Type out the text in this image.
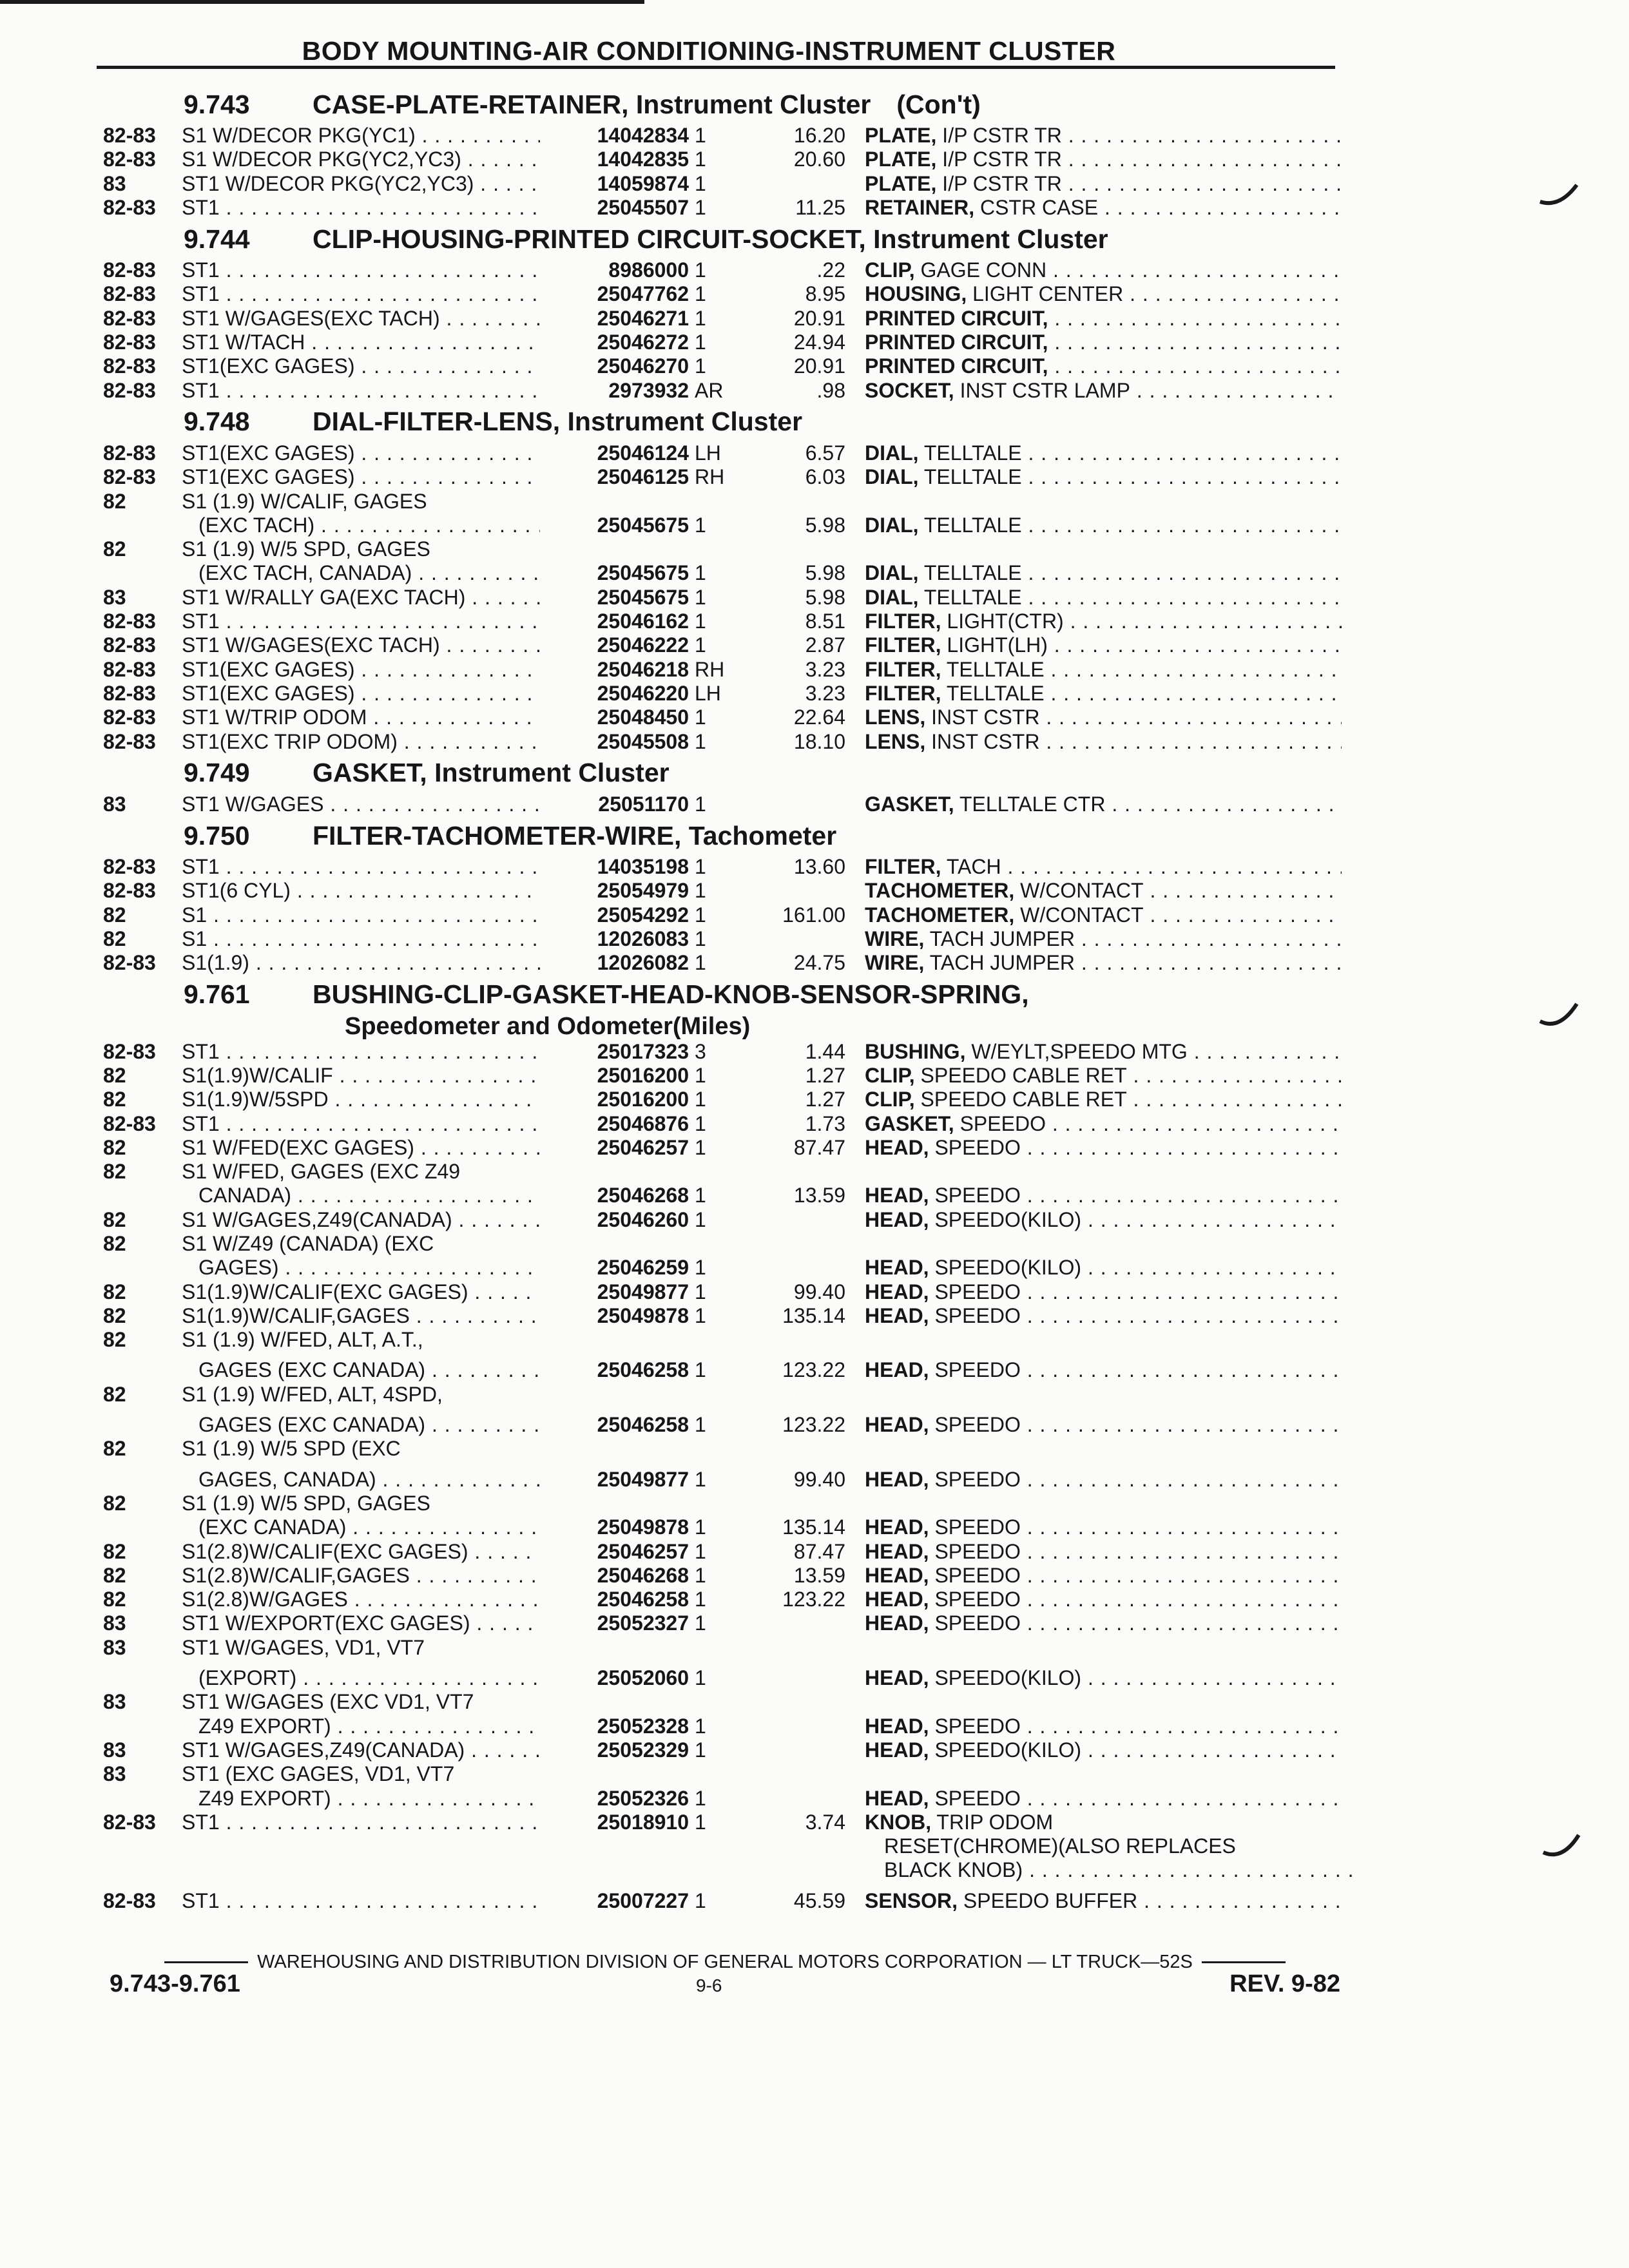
BODY MOUNTING-AIR CONDITIONING-INSTRUMENT CLUSTER
9.743	CASE-PLATE-RETAINER, Instrument Cluster (Con't)
82-83	S1 W/DECOR PKG(YC1) . . .	14042834 1	16.20 PLATE, I/P CSTR TR . . .
82-83	S1 W/DECOR PKG(YC2,YC3) . . .	14042835 1	20.60 PLATE, I/P CSTR TR . . .
83	ST1 W/DECOR PKG(YC2,YC3) . . .	14059874 1	PLATE, I/P CSTR TR . . .
82-83	ST1 . . .	25045507 1	11.25 RETAINER, CSTR CASE . . .
9.744	CLIP-HOUSING-PRINTED CIRCUIT-SOCKET, Instrument Cluster
82-83	ST1 . . .	8986000 1	.22 CLIP, GAGE CONN . . .
82-83	ST1 . . .	25047762 1	8.95 HOUSING, LIGHT CENTER . . .
82-83	ST1 W/GAGES(EXC TACH) . . .	25046271 1	20.91 PRINTED CIRCUIT, . . .
82-83	ST1 W/TACH . . .	25046272 1	24.94 PRINTED CIRCUIT, . . .
82-83	ST1(EXC GAGES) . . .	25046270 1	20.91 PRINTED CIRCUIT, . . .
82-83	ST1 . . .	2973932 AR	.98 SOCKET, INST CSTR LAMP . . .
9.748	DIAL-FILTER-LENS, Instrument Cluster
82-83	ST1(EXC GAGES) . . .	25046124 LH	6.57 DIAL, TELLTALE . . .
82-83	ST1(EXC GAGES) . . .	25046125 RH	6.03 DIAL, TELLTALE . . .
82	S1 (1.9) W/CALIF, GAGES
(EXC TACH) . . .	25045675 1	5.98 DIAL, TELLTALE . . .
82	S1 (1.9) W/5 SPD, GAGES
(EXC TACH, CANADA) . . .	25045675 1	5.98 DIAL, TELLTALE . . .
83	ST1 W/RALLY GA(EXC TACH) . . .	25045675 1	5.98 DIAL, TELLTALE . . .
82-83	ST1 . . .	25046162 1	8.51 FILTER, LIGHT(CTR) . . .
82-83	ST1 W/GAGES(EXC TACH) . . .	25046222 1	2.87 FILTER, LIGHT(LH) . . .
82-83	ST1(EXC GAGES) . . .	25046218 RH	3.23 FILTER, TELLTALE . . .
82-83	ST1(EXC GAGES) . . .	25046220 LH	3.23 FILTER, TELLTALE . . .
82-83	ST1 W/TRIP ODOM . . .	25048450 1	22.64 LENS, INST CSTR . . .
82-83	ST1(EXC TRIP ODOM) . . .	25045508 1	18.10 LENS, INST CSTR . . .
9.749	GASKET, Instrument Cluster
83	ST1 W/GAGES . . .	25051170 1	GASKET, TELLTALE CTR . . .
9.750	FILTER-TACHOMETER-WIRE, Tachometer
82-83	ST1 . . .	14035198 1	13.60 FILTER, TACH . . .
82-83	ST1(6 CYL) . . .	25054979 1	TACHOMETER, W/CONTACT . . .
82	S1 . . .	25054292 1	161.00 TACHOMETER, W/CONTACT . . .
82	S1 . . .	12026083 1	WIRE, TACH JUMPER . . .
82-83	S1(1.9) . . .	12026082 1	24.75 WIRE, TACH JUMPER . . .
9.761	BUSHING-CLIP-GASKET-HEAD-KNOB-SENSOR-SPRING,
Speedometer and Odometer(Miles)
82-83	ST1 . . .	25017323 3	1.44 BUSHING, W/EYLT,SPEEDO MTG . . .
82	S1(1.9)W/CALIF . . .	25016200 1	1.27 CLIP, SPEEDO CABLE RET . . .
82	S1(1.9)W/5SPD . . .	25016200 1	1.27 CLIP, SPEEDO CABLE RET . . .
82-83	ST1 . . .	25046876 1	1.73 GASKET, SPEEDO . . .
82	S1 W/FED(EXC GAGES) . . .	25046257 1	87.47 HEAD, SPEEDO . . .
82	S1 W/FED, GAGES (EXC Z49
CANADA) . . .	25046268 1	13.59 HEAD, SPEEDO . . .
82	S1 W/GAGES,Z49(CANADA) . . .	25046260 1	HEAD, SPEEDO(KILO) . . .
82	S1 W/Z49 (CANADA) (EXC
GAGES) . . .	25046259 1	HEAD, SPEEDO(KILO) . . .
82	S1(1.9)W/CALIF(EXC GAGES) . . .	25049877 1	99.40 HEAD, SPEEDO . . .
82	S1(1.9)W/CALIF,GAGES . . .	25049878 1	135.14 HEAD, SPEEDO . . .
82	S1 (1.9) W/FED, ALT, A.T.,
GAGES (EXC CANADA) . . .	25046258 1	123.22 HEAD, SPEEDO . . .
82	S1 (1.9) W/FED, ALT, 4SPD,
GAGES (EXC CANADA) . . .	25046258 1	123.22 HEAD, SPEEDO . . .
82	S1 (1.9) W/5 SPD (EXC
GAGES, CANADA) . . .	25049877 1	99.40 HEAD, SPEEDO . . .
82	S1 (1.9) W/5 SPD, GAGES
(EXC CANADA) . . .	25049878 1	135.14 HEAD, SPEEDO . . .
82	S1(2.8)W/CALIF(EXC GAGES) . . .	25046257 1	87.47 HEAD, SPEEDO . . .
82	S1(2.8)W/CALIF,GAGES . . .	25046268 1	13.59 HEAD, SPEEDO . . .
82	S1(2.8)W/GAGES . . .	25046258 1	123.22 HEAD, SPEEDO . . .
83	ST1 W/EXPORT(EXC GAGES) . . .	25052327 1	HEAD, SPEEDO . . .
83	ST1 W/GAGES, VD1, VT7
(EXPORT) . . .	25052060 1	HEAD, SPEEDO(KILO) . . .
83	ST1 W/GAGES (EXC VD1, VT7
Z49 EXPORT) . . .	25052328 1	HEAD, SPEEDO . . .
83	ST1 W/GAGES,Z49(CANADA) . . .	25052329 1	HEAD, SPEEDO(KILO) . . .
83	ST1 (EXC GAGES, VD1, VT7
Z49 EXPORT) . . .	25052326 1	HEAD, SPEEDO . . .
82-83	ST1 . . .	25018910 1	3.74 KNOB, TRIP ODOM
RESET(CHROME)(ALSO REPLACES
BLACK KNOB) . . .
82-83	ST1 . . .	25007227 1	45.59 SENSOR, SPEEDO BUFFER . . .
WAREHOUSING AND DISTRIBUTION DIVISION OF GENERAL MOTORS CORPORATION — LT TRUCK—52S
9.743-9.761	9-6	REV. 9-82
